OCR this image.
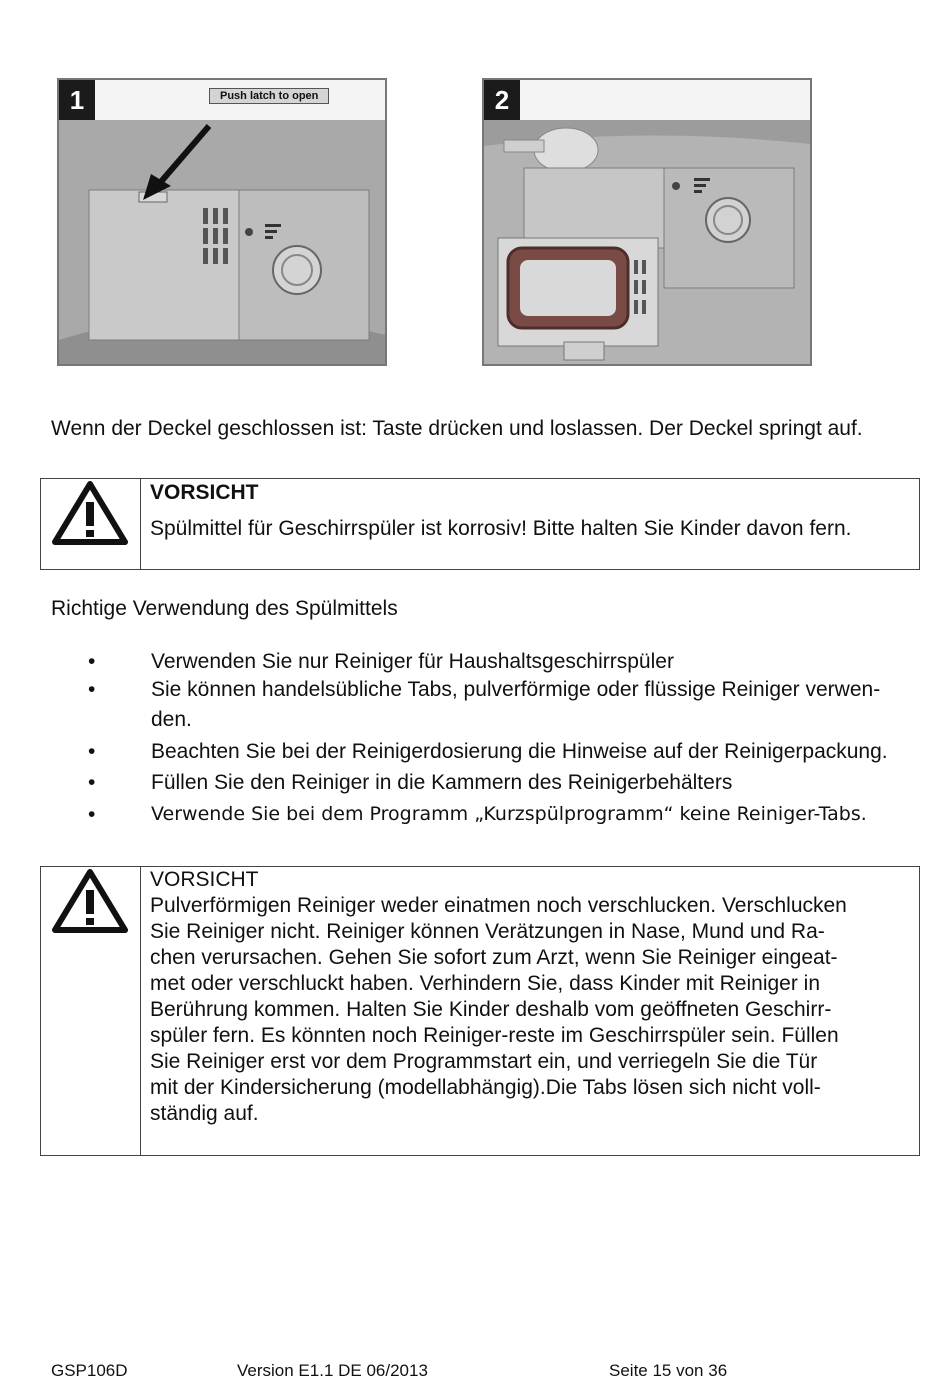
1	Push latch to open	2

Wenn der Deckel geschlossen ist: Taste drücken und loslassen. Der Deckel springt auf.

VORSICHT
Spülmittel für Geschirrspüler ist korrosiv! Bitte halten Sie Kinder davon fern.

Richtige Verwendung des Spülmittels

•	Verwenden Sie nur Reiniger für Haushaltsgeschirrspüler
•	Sie können handelsübliche Tabs, pulverförmige oder flüssige Reiniger verwen-
den.
•	Beachten Sie bei der Reinigerdosierung die Hinweise auf der Reinigerpackung.
•	Füllen Sie den Reiniger in die Kammern des Reinigerbehälters
•	Verwende Sie bei dem Programm „Kurzspülprogramm“ keine Reiniger-Tabs.
VORSICHT
Pulverförmigen Reiniger weder einatmen noch verschlucken. Verschlucken
Sie Reiniger nicht. Reiniger können Verätzungen in Nase, Mund und Ra-
chen verursachen. Gehen Sie sofort zum Arzt, wenn Sie Reiniger eingeat-
met oder verschluckt haben. Verhindern Sie, dass Kinder mit Reiniger in
Berührung kommen. Halten Sie Kinder deshalb vom geöffneten Geschirr-
spüler fern. Es könnten noch Reiniger-reste im Geschirrspüler sein. Füllen
Sie Reiniger erst vor dem Programmstart ein, und verriegeln Sie die Tür
mit der Kindersicherung (modellabhängig).Die Tabs lösen sich nicht voll-
ständig auf.
GSP106D	Version E1.1 DE 06/2013	Seite 15 von 36
